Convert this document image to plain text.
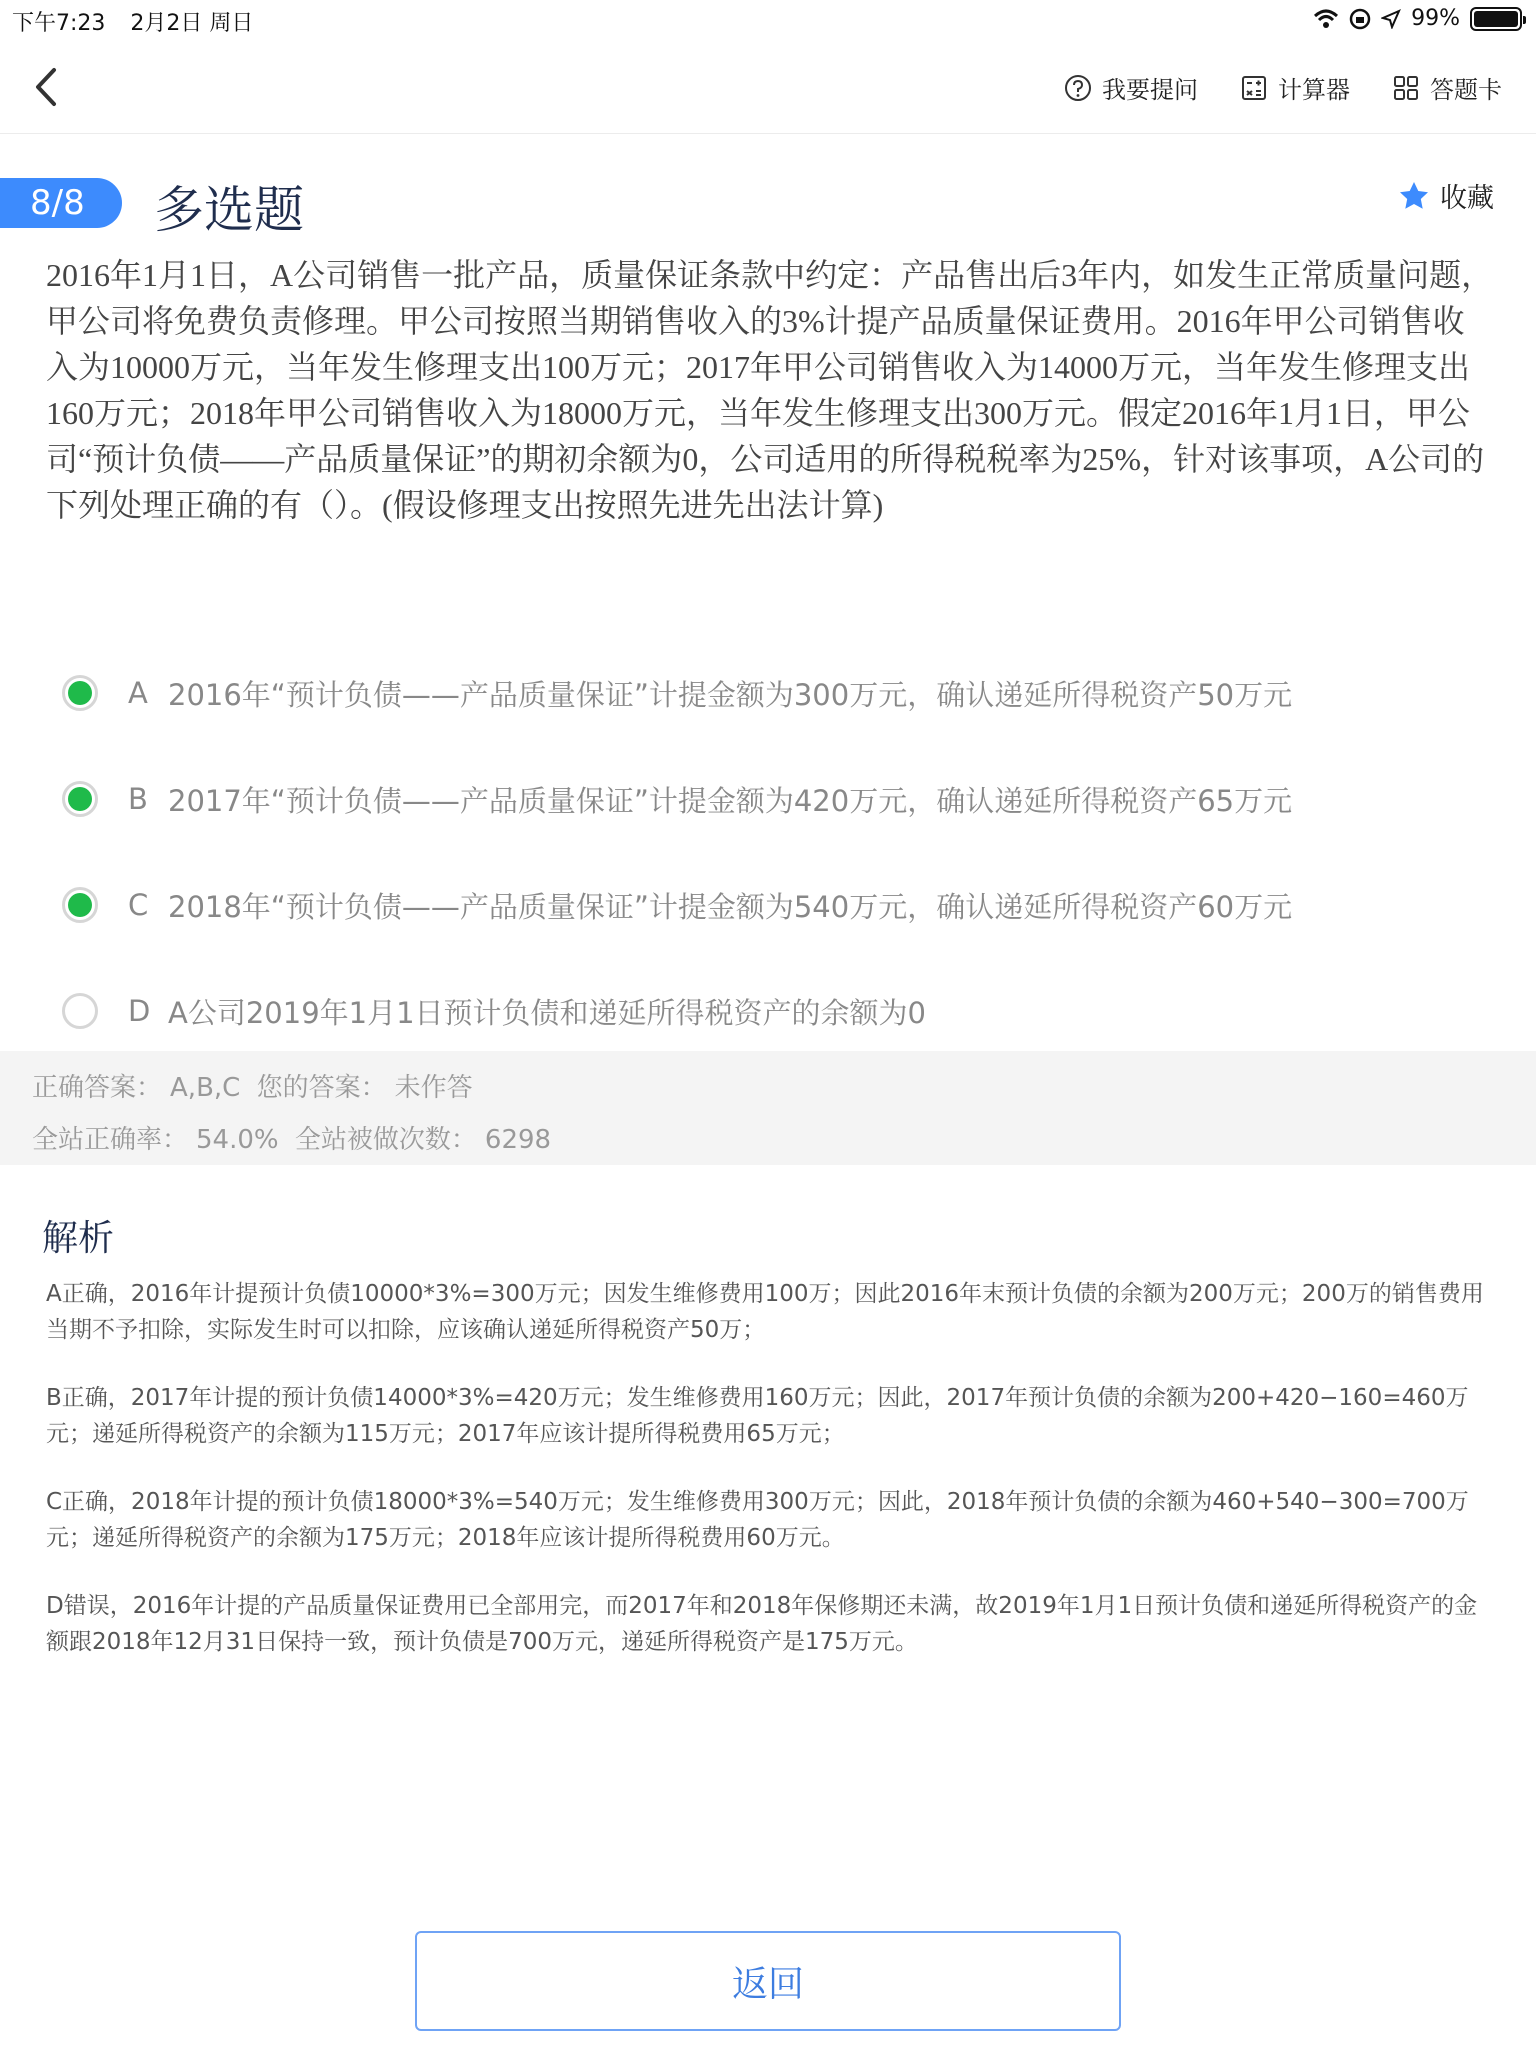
下午7:23 2月2日 周日	99%
我要提问	计算器	答题卡
8/8	多选题	收藏
2016年1月1日，A公司销售一批产品，质量保证条款中约定：产品售出后3年内，如发生正常质量问题，甲公司将免费负责修理。甲公司按照当期销售收入的3%计提产品质量保证费用。2016年甲公司销售收入为10000万元，当年发生修理支出100万元；2017年甲公司销售收入为14000万元，当年发生修理支出160万元；2018年甲公司销售收入为18000万元，当年发生修理支出300万元。假定2016年1月1日，甲公司“预计负债——产品质量保证”的期初余额为0，公司适用的所得税税率为25%，针对该事项，A公司的下列处理正确的有（）。(假设修理支出按照先进先出法计算)
A 2016年“预计负债——产品质量保证”计提金额为300万元，确认递延所得税资产50万元
B 2017年“预计负债——产品质量保证”计提金额为420万元，确认递延所得税资产65万元
C 2018年“预计负债——产品质量保证”计提金额为540万元，确认递延所得税资产60万元
D A公司2019年1月1日预计负债和递延所得税资产的余额为0
正确答案： A,B,C 您的答案： 未作答
全站正确率： 54.0% 全站被做次数： 6298
解析

A正确，2016年计提预计负债10000*3%=300万元；因发生维修费用100万；因此2016年末预计负债的余额为200万元；200万的销售费用当期不予扣除，实际发生时可以扣除，应该确认递延所得税资产50万；

B正确，2017年计提的预计负债14000*3%=420万元；发生维修费用160万元；因此，2017年预计负债的余额为200+420−160=460万元；递延所得税资产的余额为115万元；2017年应该计提所得税费用65万元；

C正确，2018年计提的预计负债18000*3%=540万元；发生维修费用300万元；因此，2018年预计负债的余额为460+540−300=700万元；递延所得税资产的余额为175万元；2018年应该计提所得税费用60万元。

D错误，2016年计提的产品质量保证费用已全部用完，而2017年和2018年保修期还未满，故2019年1月1日预计负债和递延所得税资产的金额跟2018年12月31日保持一致，预计负债是700万元，递延所得税资产是175万元。

返回
